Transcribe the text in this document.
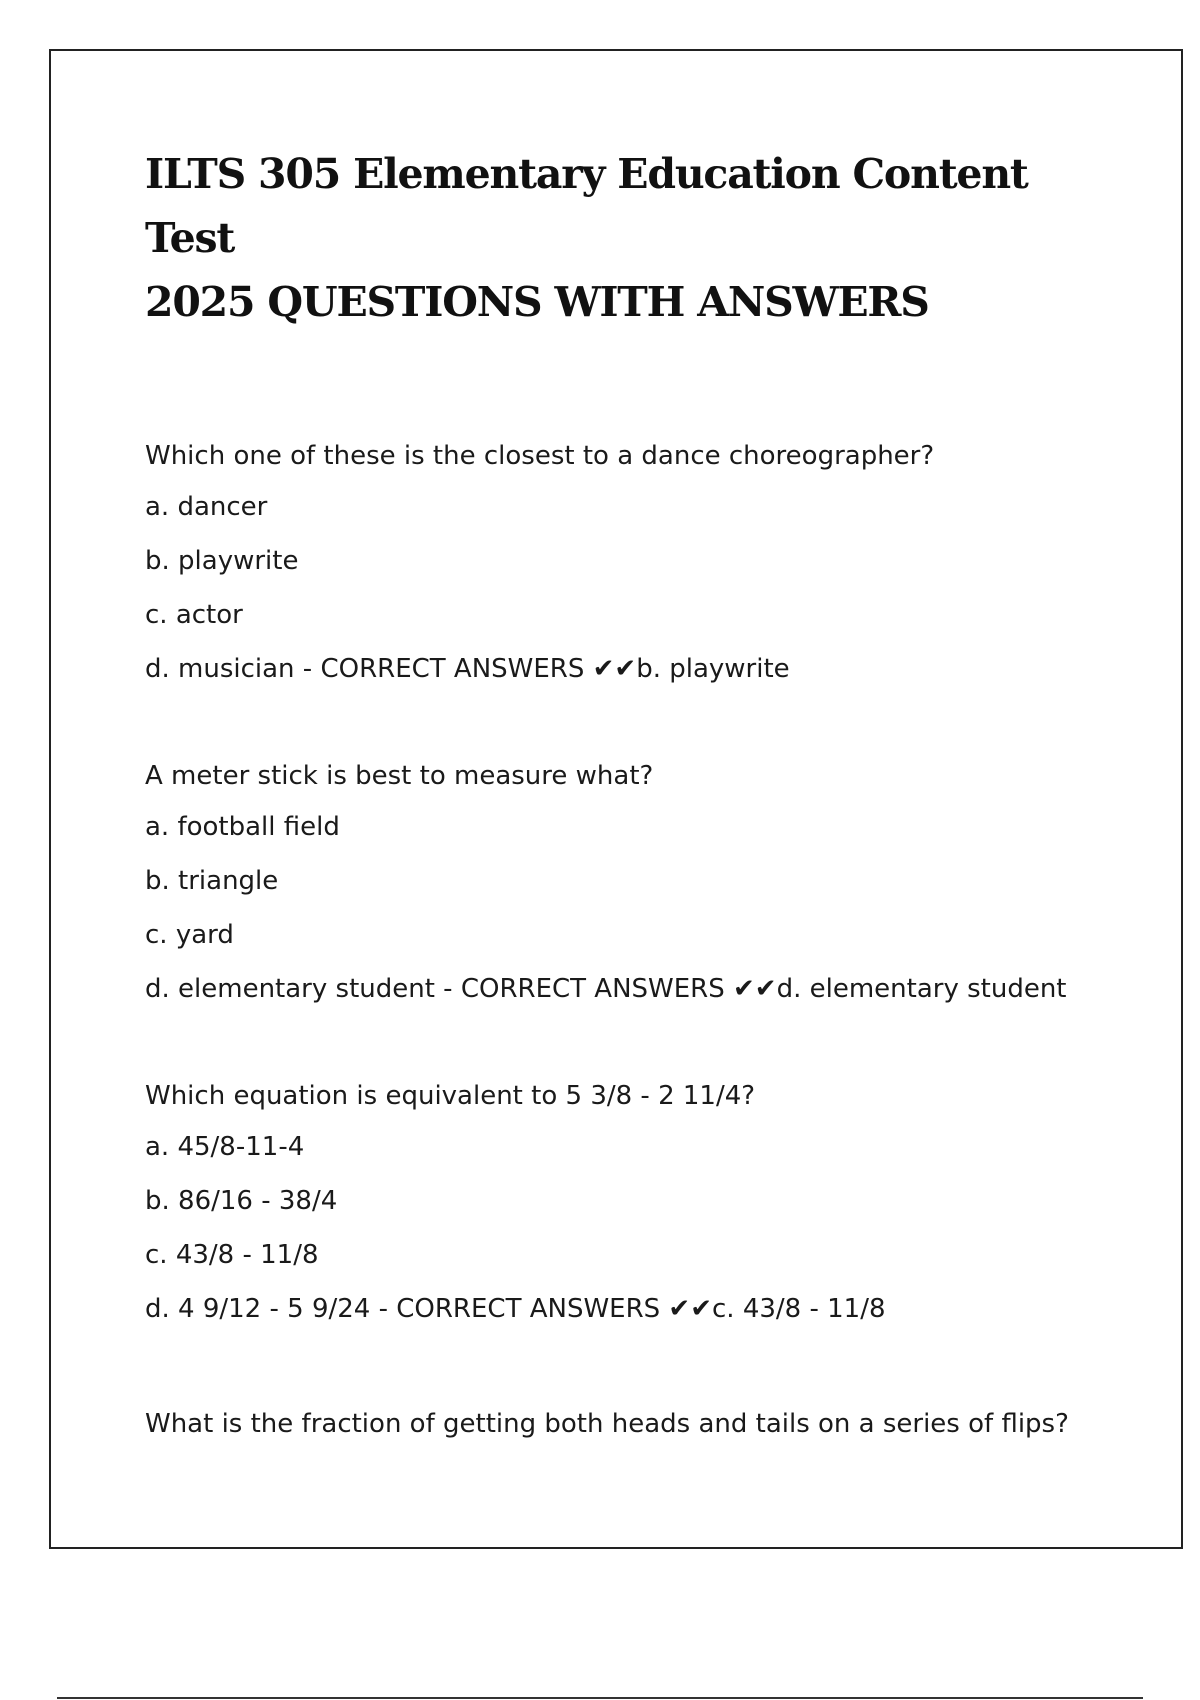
ILTS 305 Elementary Education Content Test
2025 QUESTIONS WITH ANSWERS

Which one of these is the closest to a dance choreographer?

a. dancer

b. playwrite

c. actor

d. musician - CORRECT ANSWERS ✔✔b. playwrite

A meter stick is best to measure what?

a. football field

b. triangle

c. yard

d. elementary student - CORRECT ANSWERS ✔✔d. elementary student

Which equation is equivalent to 5 3/8 - 2 11/4?

a. 45/8-11-4

b. 86/16 - 38/4

c. 43/8 - 11/8

d. 4 9/12 - 5 9/24 - CORRECT ANSWERS ✔✔c. 43/8 - 11/8

What is the fraction of getting both heads and tails on a series of flips?
